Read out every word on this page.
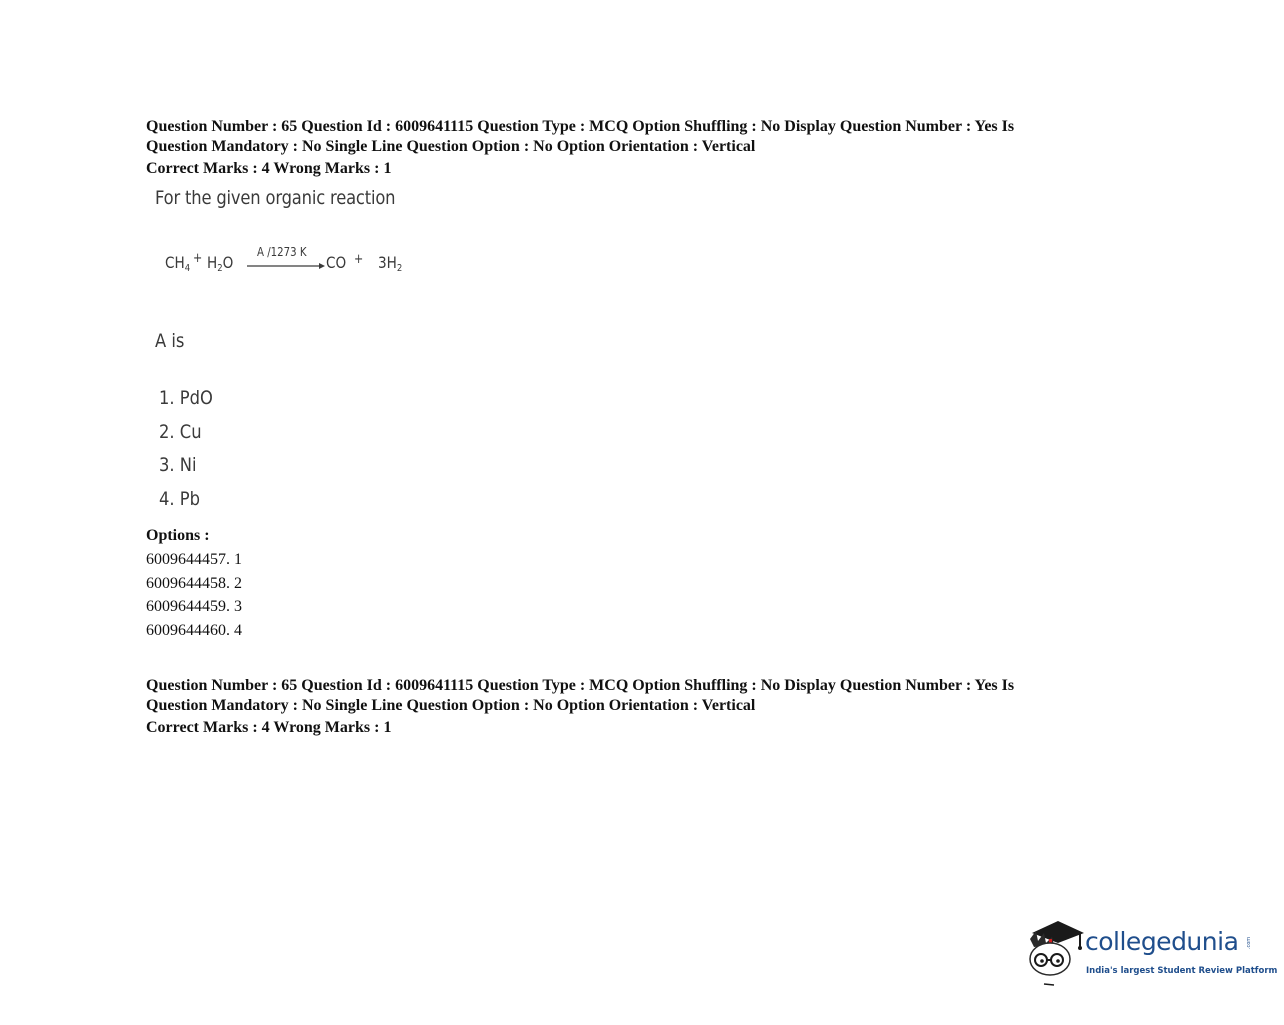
Question Number : 65 Question Id : 6009641115 Question Type : MCQ Option Shuffling : No Display Question Number : Yes Is
Question Mandatory : No Single Line Question Option : No Option Orientation : Vertical
Correct Marks : 4 Wrong Marks : 1
For the given organic reaction
$CH_4$
+ $H_2O$
A /1273 K
CO + $3H_2$
A is
1. PdO
2. Cu
3. Ni
4. Pb
Options :
6009644457. 1
6009644458. 2
6009644459. 3
6009644460. 4
Question Number : 65 Question Id : 6009641115 Question Type : MCQ Option Shuffling : No Display Question Number : Yes Is
Question Mandatory : No Single Line Question Option : No Option Orientation : Vertical
Correct Marks : 4 Wrong Marks : 1
collegedunia .com
India's largest Student Review Platform
